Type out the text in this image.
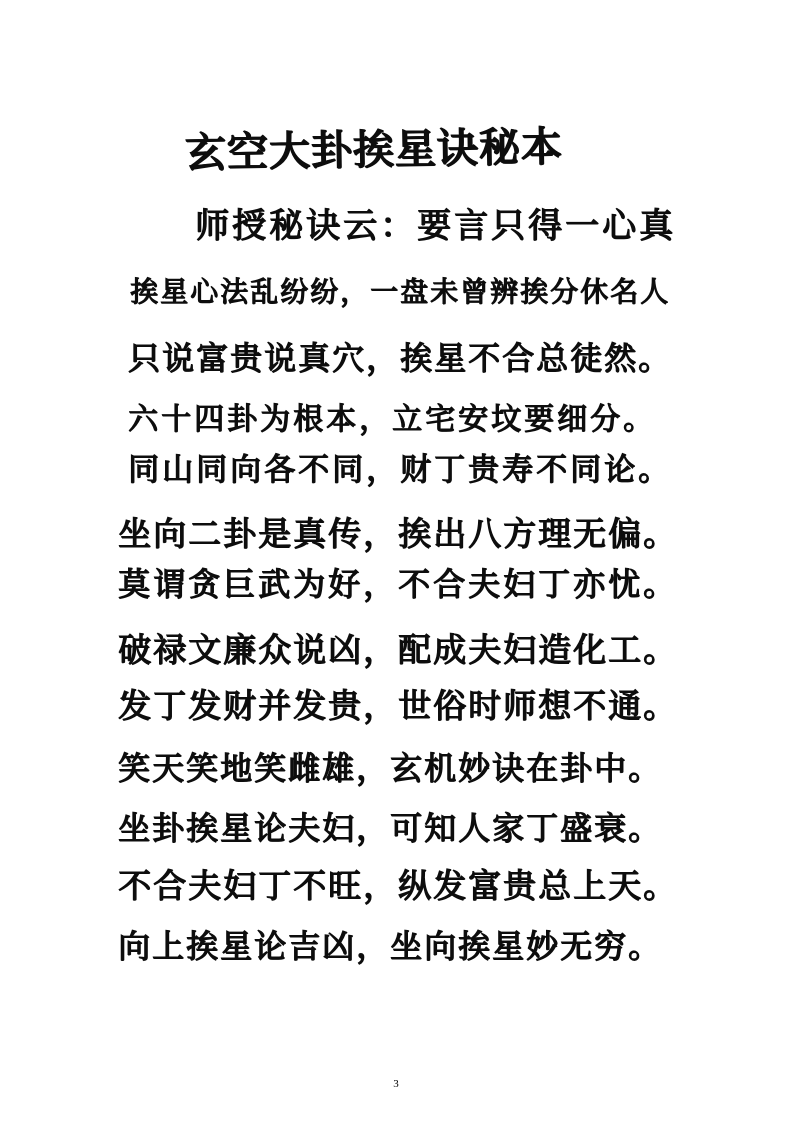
玄空大卦挨星诀秘本
师授秘诀云：要言只得一心真
挨星心法乱纷纷，一盘未曾辨挨分休名人
只说富贵说真穴，挨星不合总徒然。
六十四卦为根本，立宅安坟要细分。
同山同向各不同，财丁贵寿不同论。
坐向二卦是真传，挨出八方理无偏。
莫谓贪巨武为好，不合夫妇丁亦忧。
破禄文廉众说凶，配成夫妇造化工。
发丁发财并发贵，世俗时师想不通。
笑天笑地笑雌雄，玄机妙诀在卦中。
坐卦挨星论夫妇，可知人家丁盛衰。
不合夫妇丁不旺，纵发富贵总上天。
向上挨星论吉凶，坐向挨星妙无穷。
3
